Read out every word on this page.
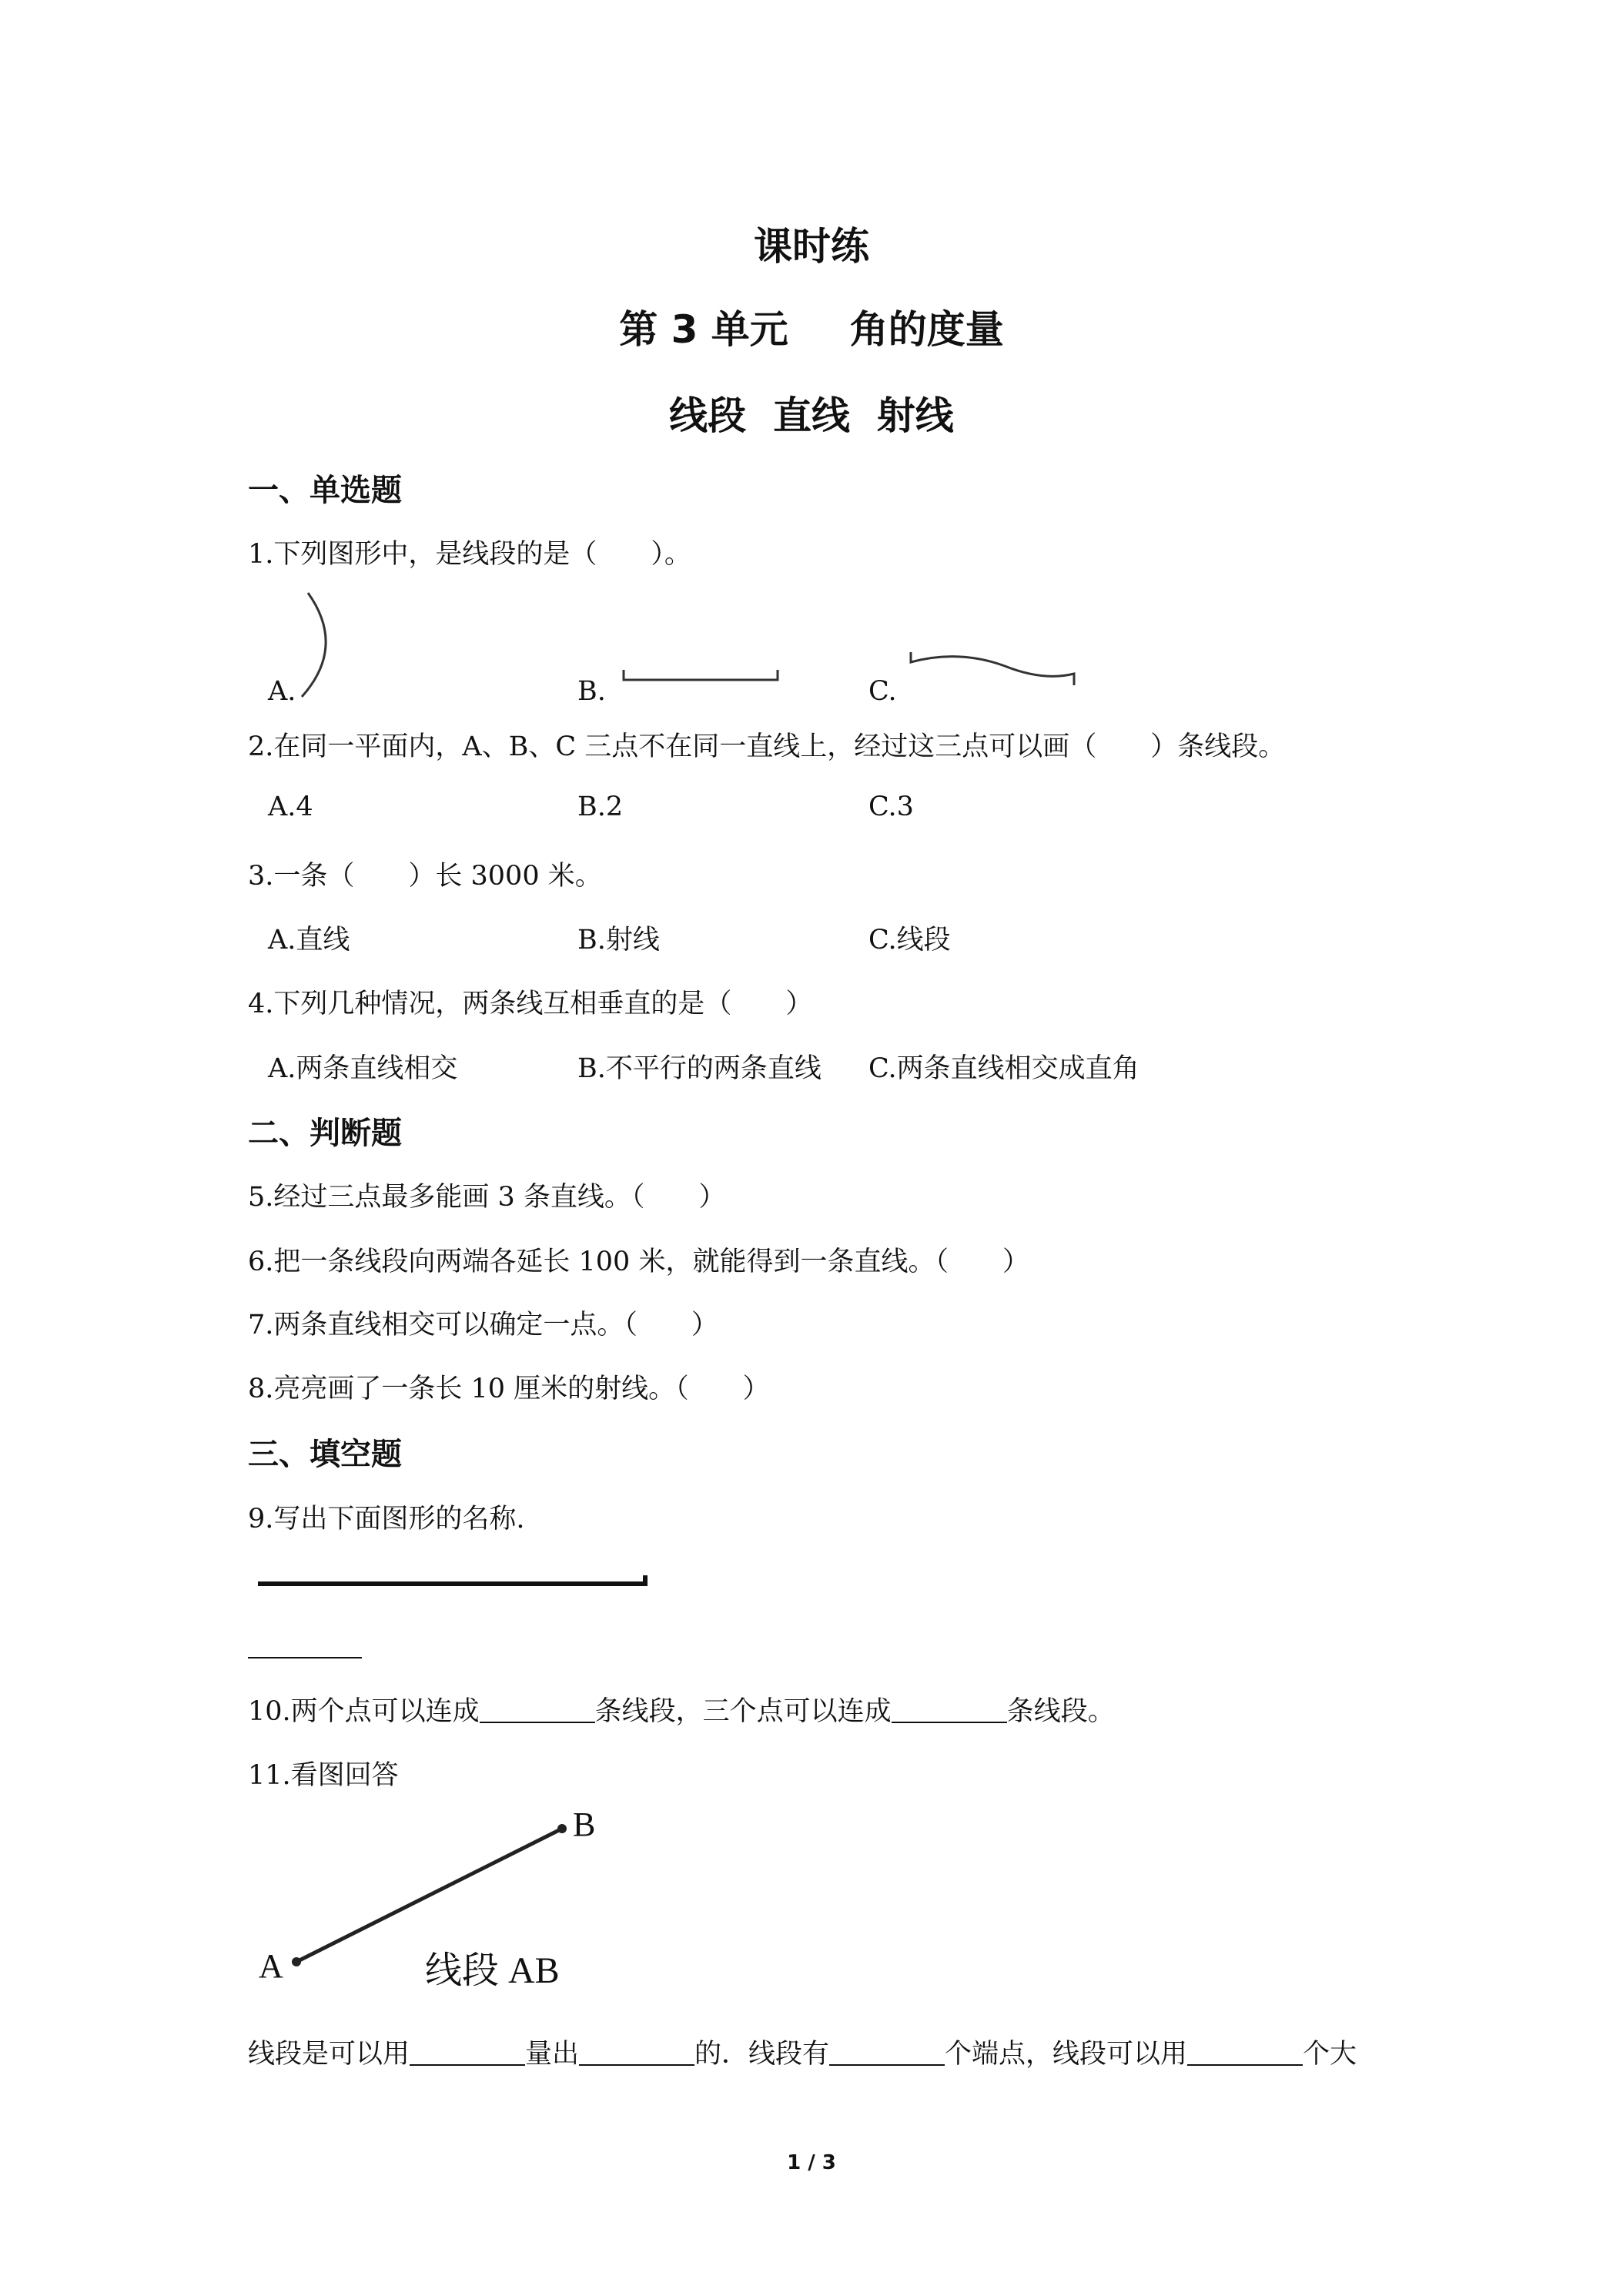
课时练
第 3 单元 角的度量
线段  直线  射线
一、单选题
1.下列图形中，是线段的是（　　）。
A.	B.	C.
2.在同一平面内，A、B、C 三点不在同一直线上，经过这三点可以画（　　）条线段。
A.4	B.2	C.3
3.一条（　　）长 3000 米。
A.直线	B.射线	C.线段
4.下列几种情况，两条线互相垂直的是（　　）
A.两条直线相交	B.不平行的两条直线 C.两条直线相交成直角
二、判断题
5.经过三点最多能画 3 条直线。（　　）
6.把一条线段向两端各延长 100 米，就能得到一条直线。（　　）
7.两条直线相交可以确定一点。（　　）
8.亮亮画了一条长 10 厘米的射线。（　　）
三、填空题
9.写出下面图形的名称.
10.两个点可以连成	条线段，三个点可以连成	条线段。
11.看图回答
A
B
线段 AB
线段是可以用	量出	的．线段有	个端点，线段可以用	个大
1 / 3
